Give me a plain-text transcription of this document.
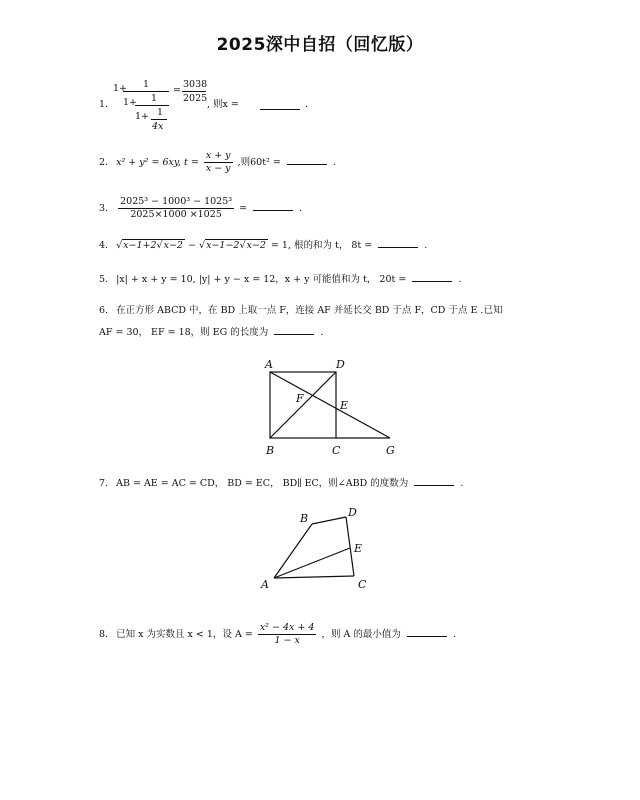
2025深中自招（回忆版）
1.
1+ 1
1+ 1
1+ 1
4x
=
3038
2025
, 则x =	.
2. x² + y² = 6xy, $t = \frac{x + y}{x - y}$ ,则60t² =	.
3. $\frac{\text{2025³ − 1000³ − 1025³}}{2025\times 1000 \times 1025}$ =	.
4. √x−1+2√x−2 − √x−1−2√x−2 = 1, 根的和为 t， 8t =	.
5. |x| + x + y = 10, |y| + y − x = 12，x + y 可能值和为 t， 20t =	.
6. 在正方形 ABCD 中，在 BD 上取一点 F，连接 AF 并延长交 BD 于点 F，CD 于点 E .已知
AF = 30， EF = 18，则 EG 的长度为	.
A	D
F
E
B	C	G
7. AB = AE = AC = CD， BD = EC， BD∥ EC，则∠ABD 的度数为	.
A
B	D
E
C
8. 已知 x 为实数且 x < 1，设 $A = \frac{\text{x² − 4x + 4}}{1 - x}$ ，则 A 的最小值为	.
